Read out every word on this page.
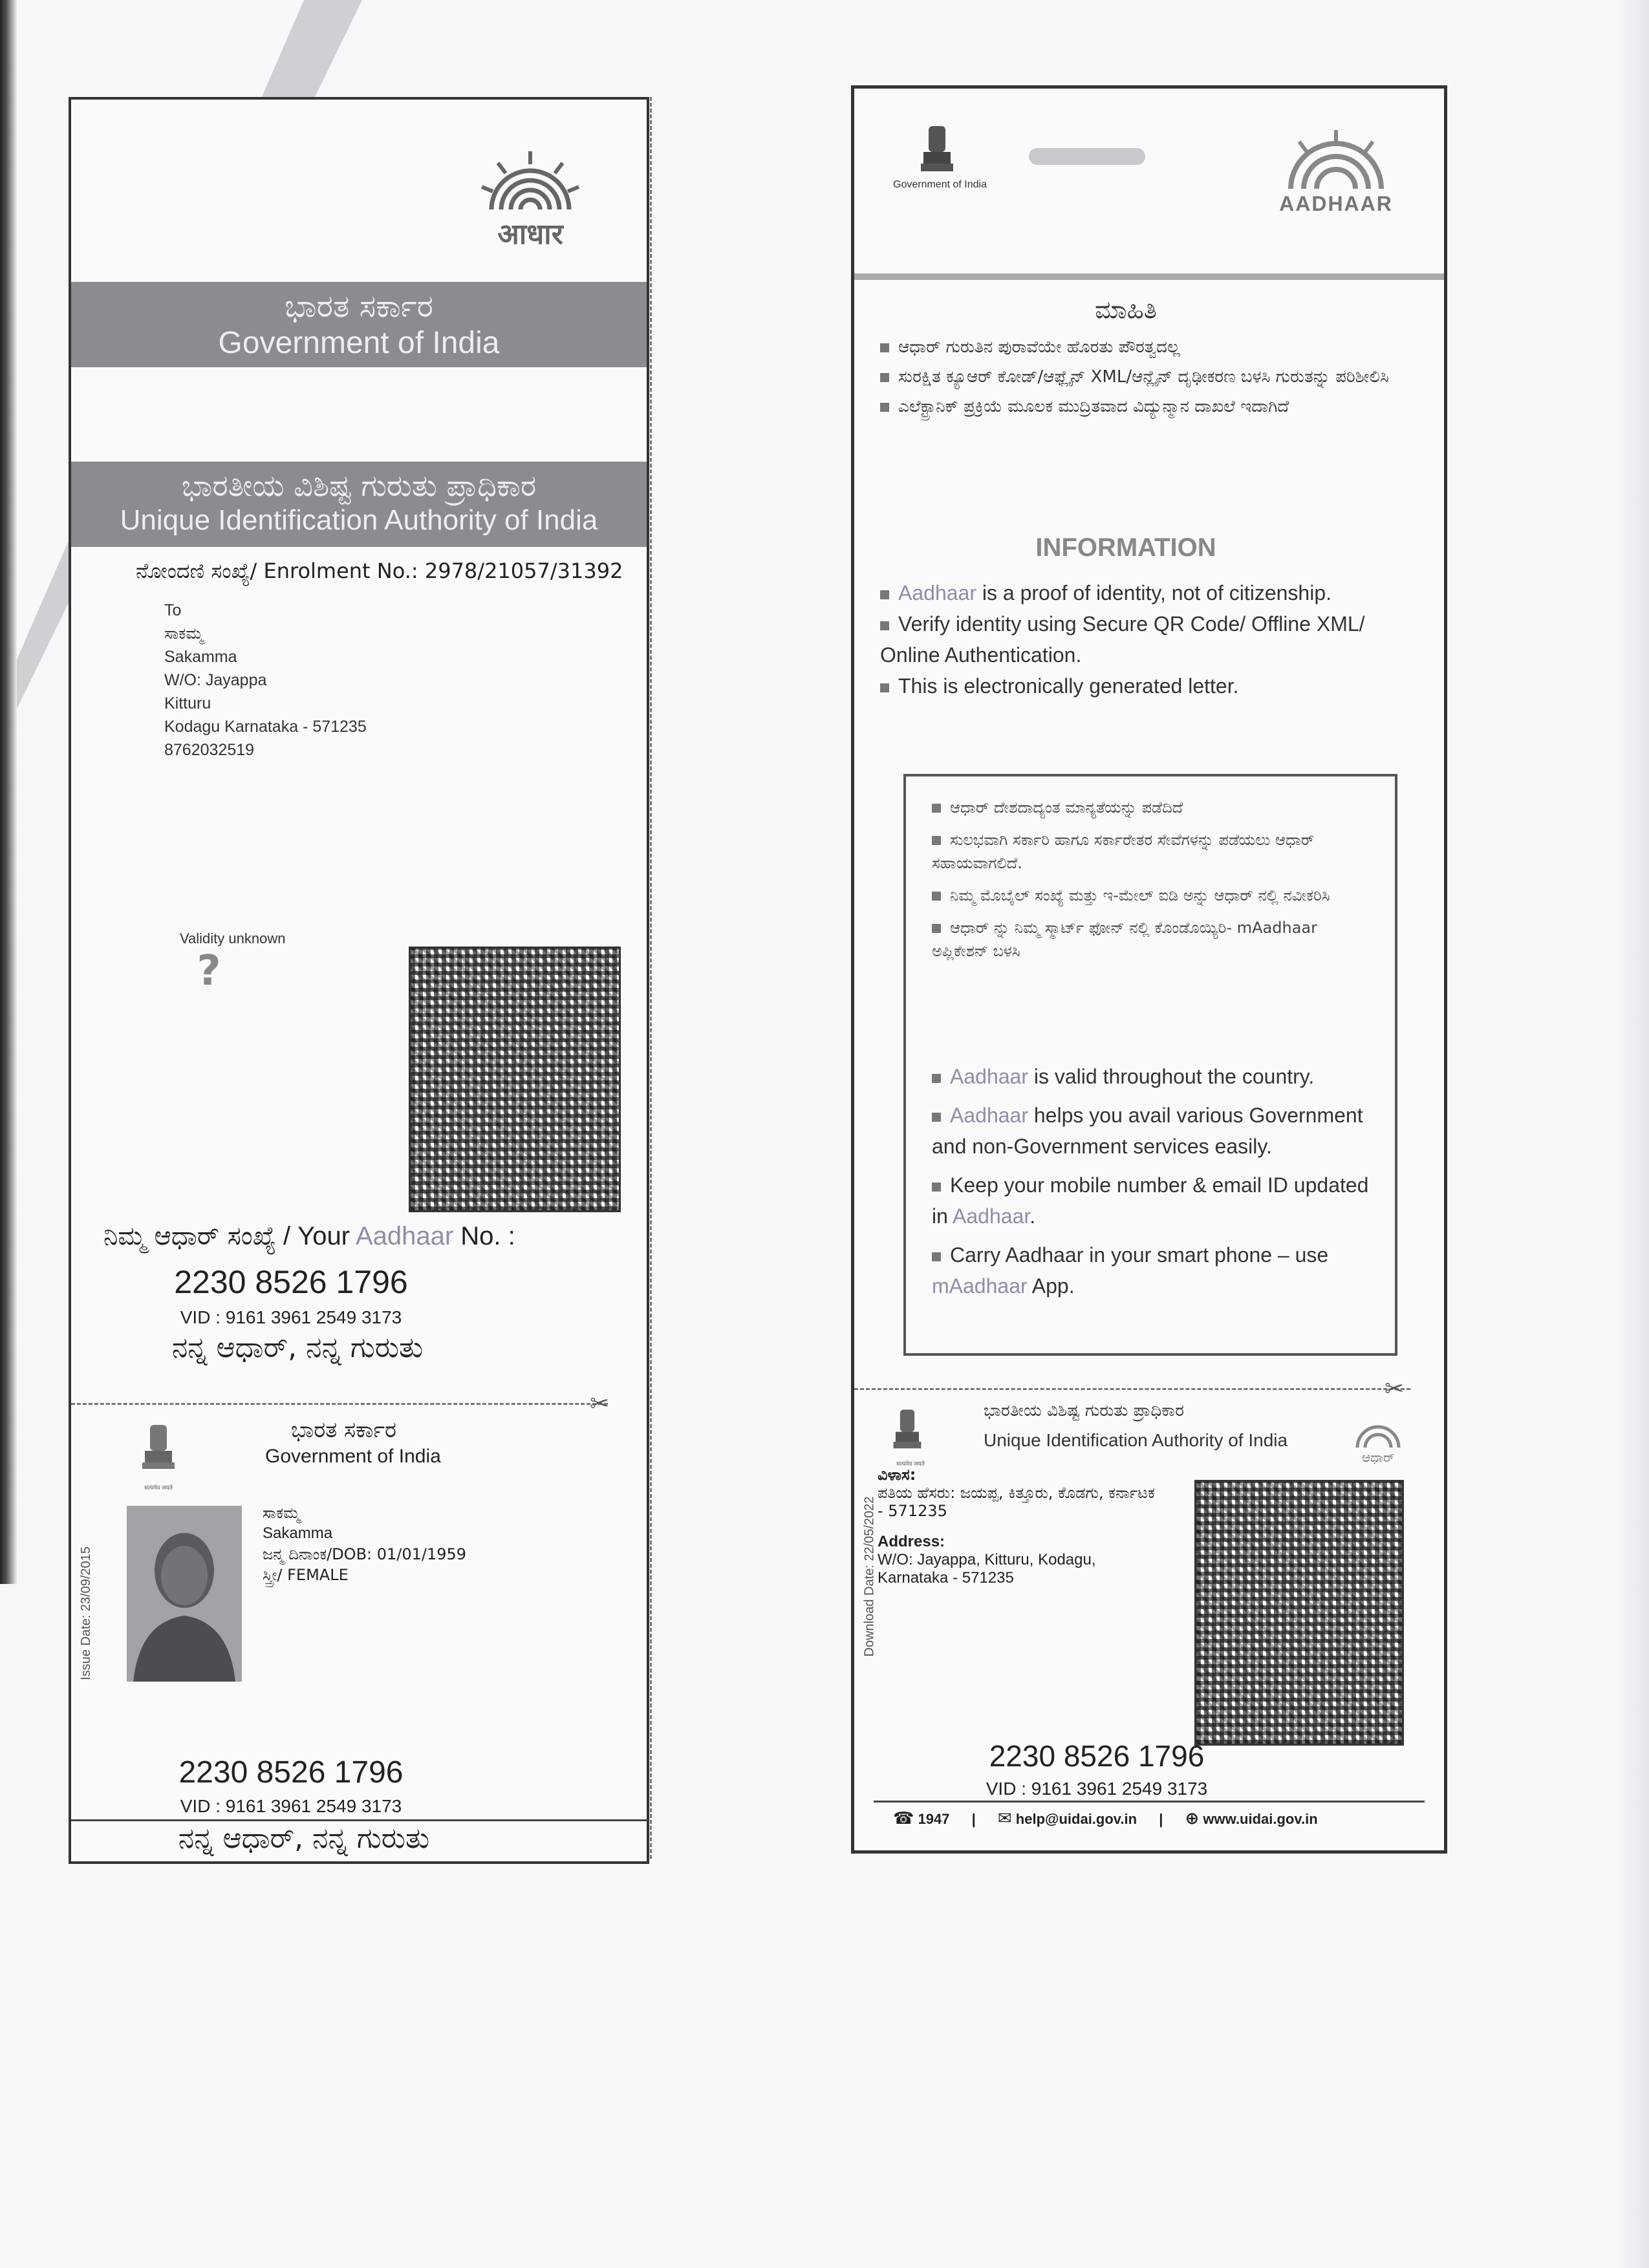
आधार
ಭಾರತ ಸರ್ಕಾರ
Government of India
ಭಾರತೀಯ ವಿಶಿಷ್ಟ ಗುರುತು ಪ್ರಾಧಿಕಾರ
Unique Identification Authority of India
ನೋಂದಣಿ ಸಂಖ್ಯೆ/ Enrolment No.: 2978/21057/31392
To
ಸಾಕಮ್ಮ
Sakamma
W/O: Jayappa
Kitturu
Kodagu Karnataka - 571235
8762032519
Validity unknown
?
ನಿಮ್ಮ ಆಧಾರ್ ಸಂಖ್ಯೆ / Your Aadhaar No. :
2230 8526 1796
VID : 9161 3961 2549 3173
ನನ್ನ ಆಧಾರ್, ನನ್ನ ಗುರುತು
✂
सत्यमेव जयते
ಭಾರತ ಸರ್ಕಾರ
Government of India
Issue Date: 23/09/2015
ಸಾಕಮ್ಮ
Sakamma
ಜನ್ಮ ದಿನಾಂಕ/DOB: 01/01/1959
ಸ್ತ್ರೀ/ FEMALE
2230 8526 1796
VID : 9161 3961 2549 3173
ನನ್ನ ಆಧಾರ್, ನನ್ನ ಗುರುತು
Government of India
AADHAAR
ಮಾಹಿತಿ
ಆಧಾರ್ ಗುರುತಿನ ಪುರಾವೆಯೇ ಹೊರತು ಪೌರತ್ವದಲ್ಲ
ಸುರಕ್ಷಿತ ಕ್ಯೂಆರ್ ಕೋಡ್/ಆಫ್ಲೈನ್ XML/ಆನ್ಲೈನ್ ದೃಢೀಕರಣ ಬಳಸಿ ಗುರುತನ್ನು ಪರಿಶೀಲಿಸಿ
ಎಲೆಕ್ಟ್ರಾನಿಕ್ ಪ್ರಕ್ರಿಯೆ ಮೂಲಕ ಮುದ್ರಿತವಾದ ವಿದ್ಯುನ್ಮಾನ ದಾಖಲೆ ಇದಾಗಿದೆ
INFORMATION
Aadhaar is a proof of identity, not of citizenship.
Verify identity using Secure QR Code/ Offline XML/ Online Authentication.
This is electronically generated letter.
ಆಧಾರ್ ದೇಶದಾದ್ಯಂತ ಮಾನ್ಯತೆಯನ್ನು ಪಡೆದಿದೆ
ಸುಲಭವಾಗಿ ಸರ್ಕಾರಿ ಹಾಗೂ ಸರ್ಕಾರೇತರ ಸೇವೆಗಳನ್ನು ಪಡೆಯಲು ಆಧಾರ್ ಸಹಾಯವಾಗಲಿದೆ.
ನಿಮ್ಮ ಮೊಬೈಲ್ ಸಂಖ್ಯೆ ಮತ್ತು ಇ-ಮೇಲ್ ಐಡಿ ಅನ್ನು ಆಧಾರ್ ನಲ್ಲಿ ನವೀಕರಿಸಿ
ಆಧಾರ್ ನ್ನು ನಿಮ್ಮ ಸ್ಮಾರ್ಟ್ ಫೋನ್ ನಲ್ಲಿ ಕೊಂಡೊಯ್ಯಿರಿ- mAadhaar ಅಪ್ಲಿಕೇಶನ್ ಬಳಸಿ
Aadhaar is valid throughout the country.
Aadhaar helps you avail various Government and non-Government services easily.
Keep your mobile number & email ID updated in Aadhaar.
Carry Aadhaar in your smart phone – use mAadhaar App.
✂
सत्यमेव जयते
ಭಾರತೀಯ ವಿಶಿಷ್ಟ ಗುರುತು ಪ್ರಾಧಿಕಾರ
Unique Identification Authority of India
ಆಧಾರ್
Download Date: 22/05/2022
ವಿಳಾಸ:
ಪತಿಯ ಹೆಸರು: ಜಯಪ್ಪ, ಕಿತ್ತೂರು, ಕೊಡಗು, ಕರ್ನಾಟಕ - 571235
Address:
W/O: Jayappa, Kitturu, Kodagu,
Karnataka - 571235
2230 8526 1796
VID : 9161 3961 2549 3173
☎ 1947 | ✉ help@uidai.gov.in | ⊕ www.uidai.gov.in
